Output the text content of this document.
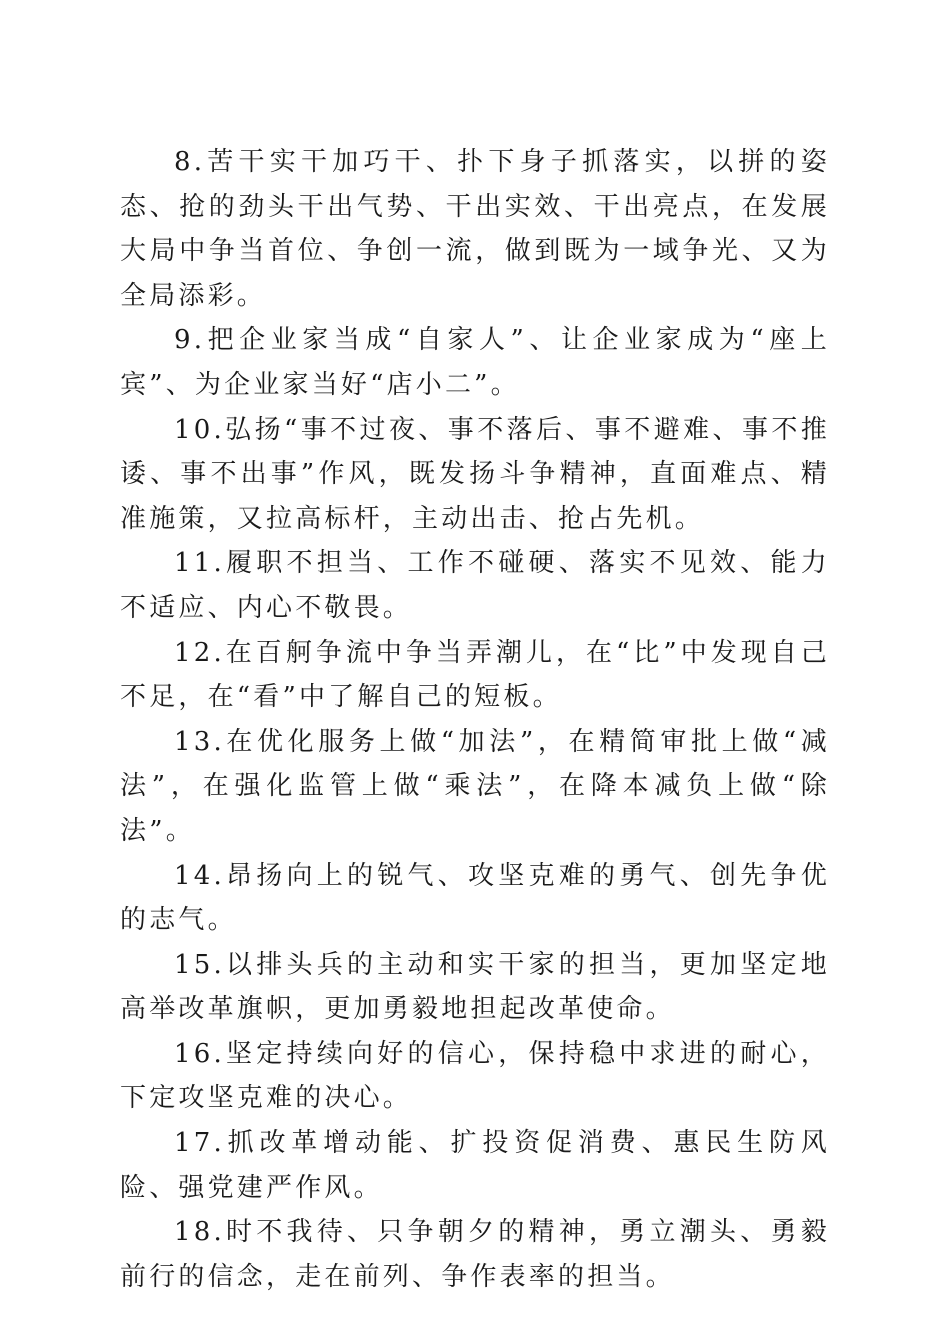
8.苦干实干加巧干、扑下身子抓落实，以拼的姿态、抢的劲头干出气势、干出实效、干出亮点，在发展大局中争当首位、争创一流，做到既为一域争光、又为全局添彩。

9.把企业家当成“自家人”、让企业家成为“座上宾”、为企业家当好“店小二”。

10.弘扬“事不过夜、事不落后、事不避难、事不推诿、事不出事”作风，既发扬斗争精神，直面难点、精准施策，又拉高标杆，主动出击、抢占先机。

11.履职不担当、工作不碰硬、落实不见效、能力不适应、内心不敬畏。

12.在百舸争流中争当弄潮儿，在“比”中发现自己不足，在“看”中了解自己的短板。

13.在优化服务上做“加法”，在精简审批上做“减法”，在强化监管上做“乘法”，在降本减负上做“除法”。

14.昂扬向上的锐气、攻坚克难的勇气、创先争优的志气。

15.以排头兵的主动和实干家的担当，更加坚定地高举改革旗帜，更加勇毅地担起改革使命。

16.坚定持续向好的信心，保持稳中求进的耐心，下定攻坚克难的决心。

17.抓改革增动能、扩投资促消费、惠民生防风险、强党建严作风。

18.时不我待、只争朝夕的精神，勇立潮头、勇毅前行的信念，走在前列、争作表率的担当。
